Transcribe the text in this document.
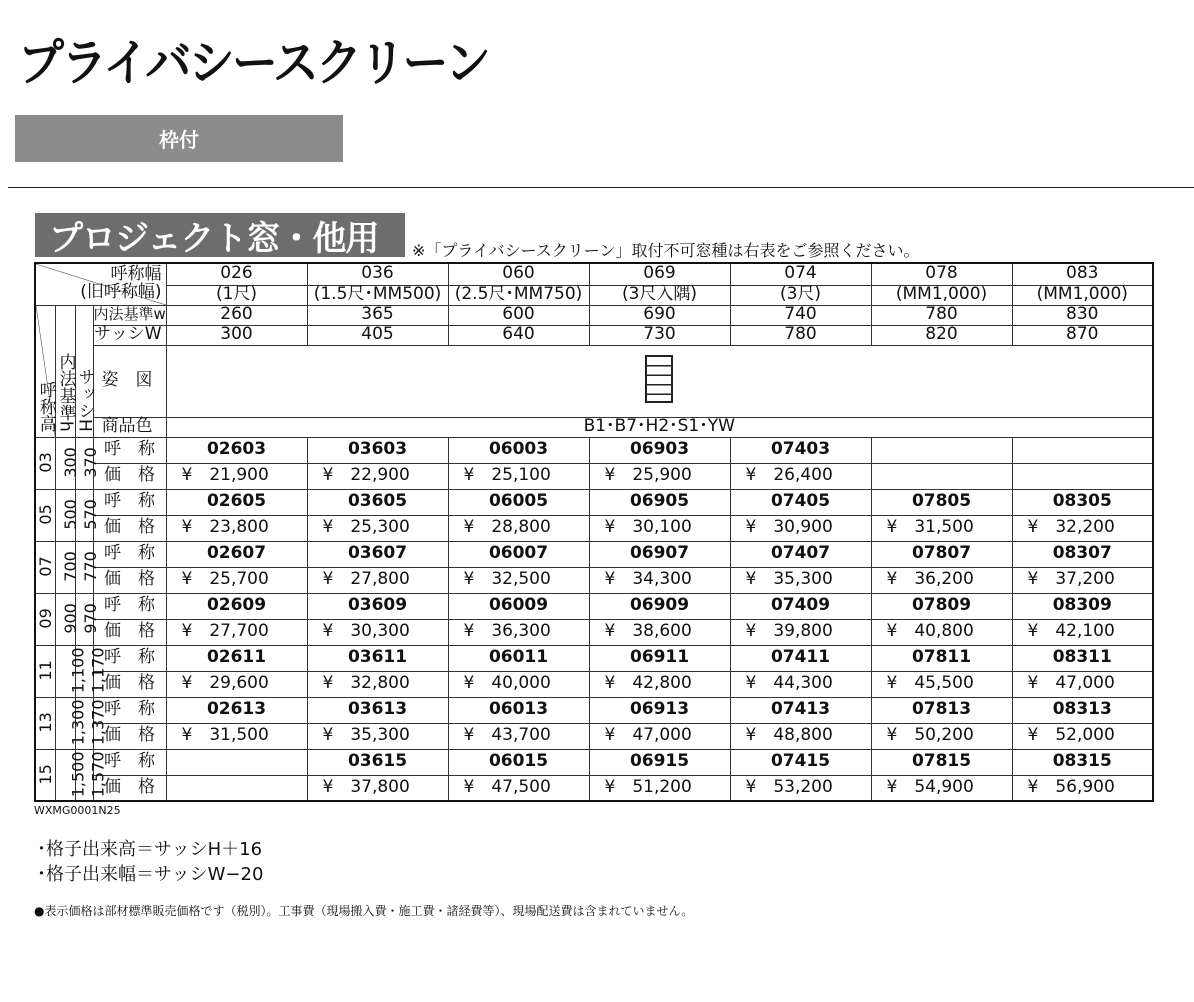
プライバシースクリーン
枠付
プロジェクト窓・他用	※「プライバシースクリーン」取付不可窓種は右表をご参照ください。
呼称幅
(旧呼称幅)				026	036	060	069	074	078	083
				(1尺)	(1.5尺･MM500)	(2.5尺･MM750)	(3尺入隅)	(3尺)	(MM1,000)	(MM1,000)
呼称高	内法基準h	サッシH	内法基準w	260	365	600	690	740	780	830
			サッシW	300	405	640	730	780	820	870
			姿　図							
			商品色	B1･B7･H2･S1･YW						
03	300	370	呼　称	02603	03603	06003	06903	07403		
			価　格	¥　21,900	¥　22,900	¥　25,100	¥　25,900	¥　26,400		
05	500	570	呼　称	02605	03605	06005	06905	07405	07805	08305
			価　格	¥　23,800	¥　25,300	¥　28,800	¥　30,100	¥　30,900	¥　31,500	¥　32,200
07	700	770	呼　称	02607	03607	06007	06907	07407	07807	08307
			価　格	¥　25,700	¥　27,800	¥　32,500	¥　34,300	¥　35,300	¥　36,200	¥　37,200
09	900	970	呼　称	02609	03609	06009	06909	07409	07809	08309
			価　格	¥　27,700	¥　30,300	¥　36,300	¥　38,600	¥　39,800	¥　40,800	¥　42,100
11	1,100	1,170	呼　称	02611	03611	06011	06911	07411	07811	08311
			価　格	¥　29,600	¥　32,800	¥　40,000	¥　42,800	¥　44,300	¥　45,500	¥　47,000
13	1,300	1,370	呼　称	02613	03613	06013	06913	07413	07813	08313
			価　格	¥　31,500	¥　35,300	¥　43,700	¥　47,000	¥　48,800	¥　50,200	¥　52,000
15	1,500	1,570	呼　称		03615	06015	06915	07415	07815	08315
			価　格		¥　37,800	¥　47,500	¥　51,200	¥　53,200	¥　54,900	¥　56,900
WXMG0001N25
･格子出来高＝サッシH＋16
･格子出来幅＝サッシW−20
●表示価格は部材標準販売価格です（税別）。工事費（現場搬入費・施工費・諸経費等）、現場配送費は含まれていません。
